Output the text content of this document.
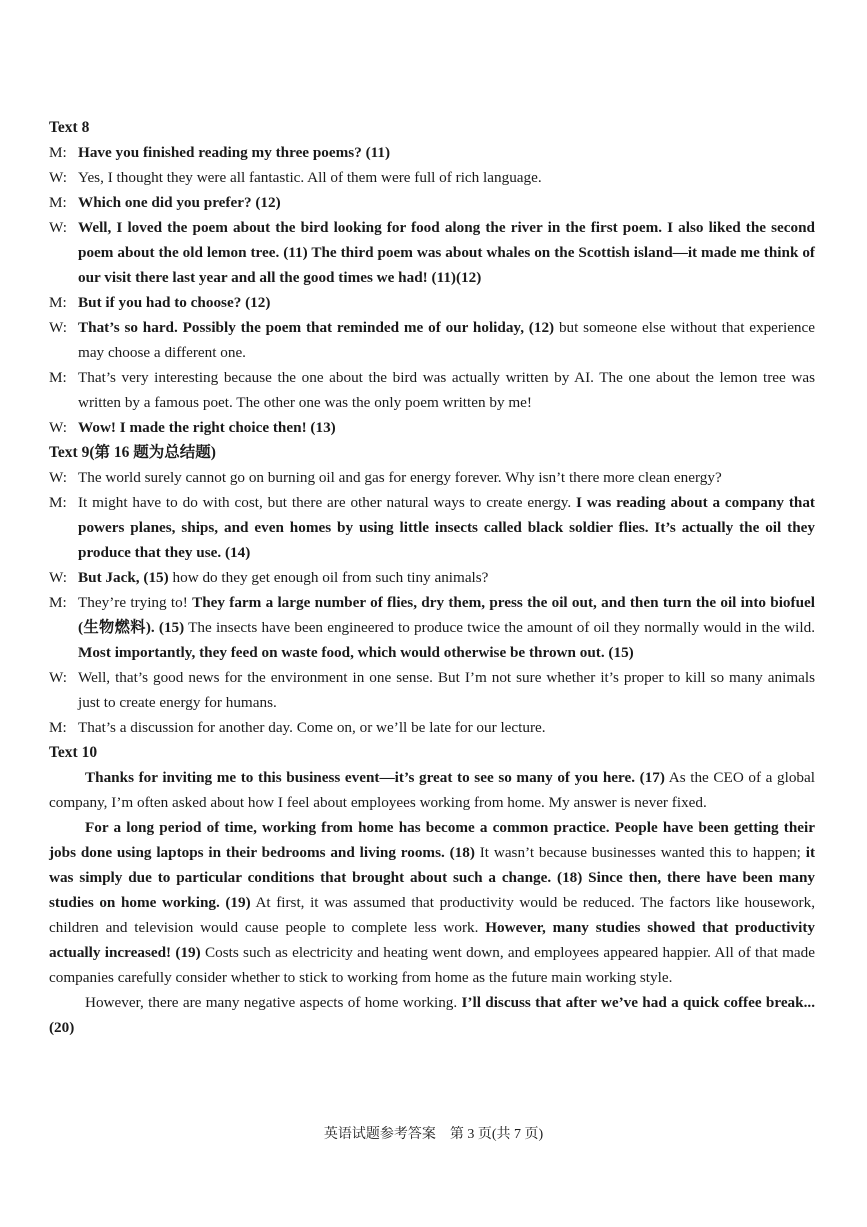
Text 8
M: Have you finished reading my three poems? (11)
W: Yes, I thought they were all fantastic. All of them were full of rich language.
M: Which one did you prefer? (12)
W: Well, I loved the poem about the bird looking for food along the river in the first poem. I also liked the second poem about the old lemon tree. (11) The third poem was about whales on the Scottish island—it made me think of our visit there last year and all the good times we had! (11)(12)
M: But if you had to choose? (12)
W: That’s so hard. Possibly the poem that reminded me of our holiday, (12) but someone else without that experience may choose a different one.
M: That’s very interesting because the one about the bird was actually written by AI. The one about the lemon tree was written by a famous poet. The other one was the only poem written by me!
W: Wow! I made the right choice then! (13)
Text 9(第 16 题为总结题)
W: The world surely cannot go on burning oil and gas for energy forever. Why isn’t there more clean energy?
M: It might have to do with cost, but there are other natural ways to create energy. I was reading about a company that powers planes, ships, and even homes by using little insects called black soldier flies. It’s actually the oil they produce that they use. (14)
W: But Jack, (15) how do they get enough oil from such tiny animals?
M: They’re trying to! They farm a large number of flies, dry them, press the oil out, and then turn the oil into biofuel (生物燃料). (15) The insects have been engineered to produce twice the amount of oil they normally would in the wild. Most importantly, they feed on waste food, which would otherwise be thrown out. (15)
W: Well, that’s good news for the environment in one sense. But I’m not sure whether it’s proper to kill so many animals just to create energy for humans.
M: That’s a discussion for another day. Come on, or we’ll be late for our lecture.
Text 10
Thanks for inviting me to this business event—it’s great to see so many of you here. (17) As the CEO of a global company, I’m often asked about how I feel about employees working from home. My answer is never fixed.
For a long period of time, working from home has become a common practice. People have been getting their jobs done using laptops in their bedrooms and living rooms. (18) It wasn’t because businesses wanted this to happen; it was simply due to particular conditions that brought about such a change. (18) Since then, there have been many studies on home working. (19) At first, it was assumed that productivity would be reduced. The factors like housework, children and television would cause people to complete less work. However, many studies showed that productivity actually increased! (19) Costs such as electricity and heating went down, and employees appeared happier. All of that made companies carefully consider whether to stick to working from home as the future main working style.
However, there are many negative aspects of home working. I’ll discuss that after we’ve had a quick coffee break... (20)
英语试题参考答案　第 3 页(共 7 页)
